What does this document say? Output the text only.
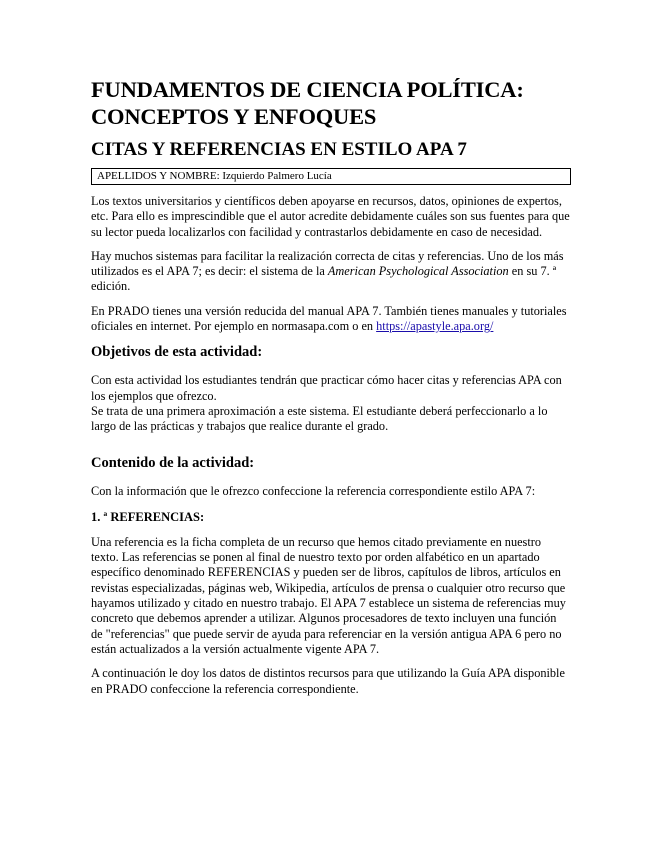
FUNDAMENTOS DE CIENCIA POLÍTICA:
CONCEPTOS Y ENFOQUES
CITAS Y REFERENCIAS EN ESTILO APA 7
APELLIDOS Y NOMBRE: Izquierdo Palmero Lucía

Los textos universitarios y científicos deben apoyarse en recursos, datos, opiniones de expertos, etc. Para ello es imprescindible que el autor acredite debidamente cuáles son sus fuentes para que su lector pueda localizarlos con facilidad y contrastarlos debidamente en caso de necesidad.

Hay muchos sistemas para facilitar la realización correcta de citas y referencias. Uno de los más utilizados es el APA 7; es decir: el sistema de la American Psychological Association en su 7. ª edición.

En PRADO tienes una versión reducida del manual APA 7. También tienes manuales y tutoriales oficiales en internet. Por ejemplo en normasapa.com o en https://apastyle.apa.org/

Objetivos de esta actividad:

Con esta actividad los estudiantes tendrán que practicar cómo hacer citas y referencias APA con los ejemplos que ofrezco.
Se trata de una primera aproximación a este sistema. El estudiante deberá perfeccionarlo a lo largo de las prácticas y trabajos que realice durante el grado.

Contenido de la actividad:

Con la información que le ofrezco confeccione la referencia correspondiente estilo APA 7:

1. ª REFERENCIAS:

Una referencia es la ficha completa de un recurso que hemos citado previamente en nuestro texto. Las referencias se ponen al final de nuestro texto por orden alfabético en un apartado específico denominado REFERENCIAS y pueden ser de libros, capítulos de libros, artículos en revistas especializadas, páginas web, Wikipedia, artículos de prensa o cualquier otro recurso que hayamos utilizado y citado en nuestro trabajo. El APA 7 establece un sistema de referencias muy concreto que debemos aprender a utilizar. Algunos procesadores de texto incluyen una función de "referencias" que puede servir de ayuda para referenciar en la versión antigua APA 6 pero no están actualizados a la versión actualmente vigente APA 7.

A continuación le doy los datos de distintos recursos para que utilizando la Guía APA disponible en PRADO confeccione la referencia correspondiente.
